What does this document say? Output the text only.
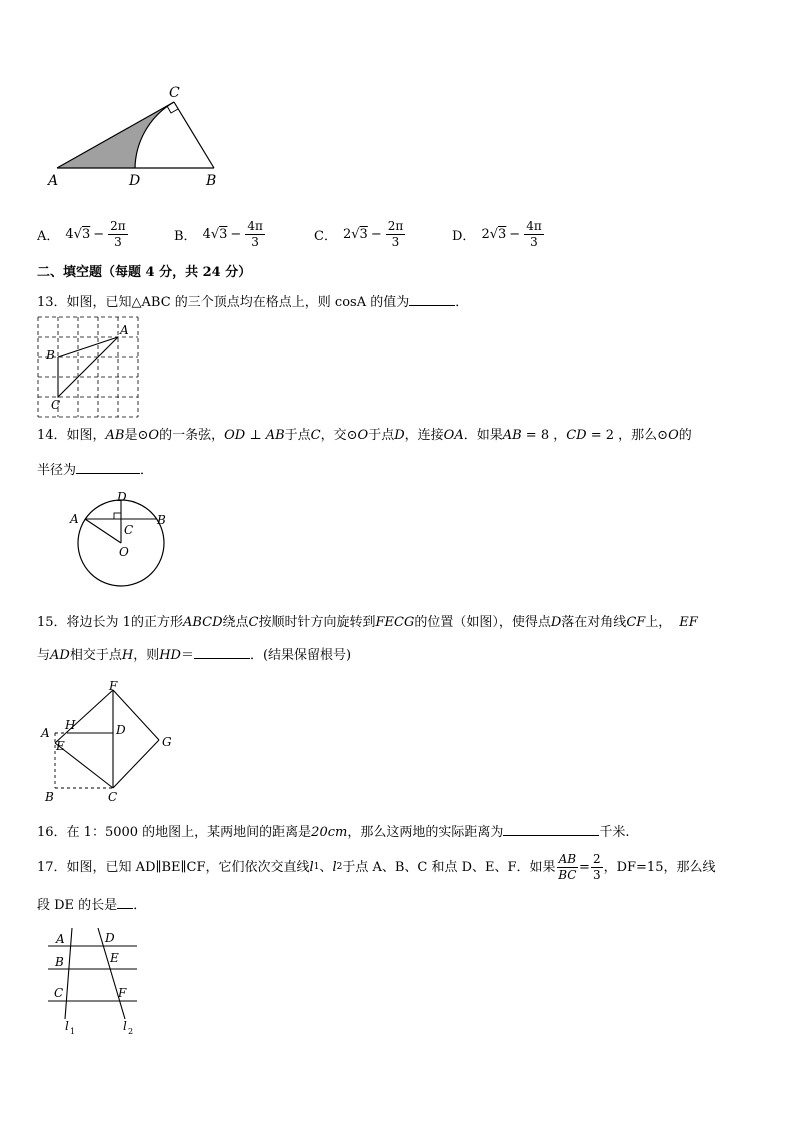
A	D	B
C
A． 4 √ $3 - \frac{2\pi}{3}$	B． 4 √ $3 - \frac{4\pi}{3}$	C． 2 √ $3 - \frac{2\pi}{3}$	D． 2 √ $3 - \frac{4\pi}{3}$
二、填空题（每题 4 分，共 24 分）
13．如图，已知△ABC 的三个顶点均在格点上，则 cosA 的值为	．
A
B
C
14．如图，AB是⊙O的一条弦，OD ⊥ AB于点C，交⊙O于点D，连接OA．如果AB = 8 ，CD = 2 ，那么⊙O的
半径为	．
A	B
D
C
O
15．将边长为 1的正方形ABCD绕点C按顺时针方向旋转到FECG的位置（如图），使得点D落在对角线CF上， EF
与AD相交于点H，则HD＝	．(结果保留根号)
F
H	D
A
E	G
B	C
16．在 1：5000 的地图上，某两地间的距离是20cm，那么这两地的实际距离为	千米.
17．如图，已知 AD∥BE∥CF，它们依次交直线 l 1 、 l 2 于点 A、B、C 和点 D、E、F．如果 $\frac{AB}{BC} = \frac{2}{3}$ ，DF=15，那么线
段 DE 的长是 ．
A	D
B	E
C	F
l 1	l 2
